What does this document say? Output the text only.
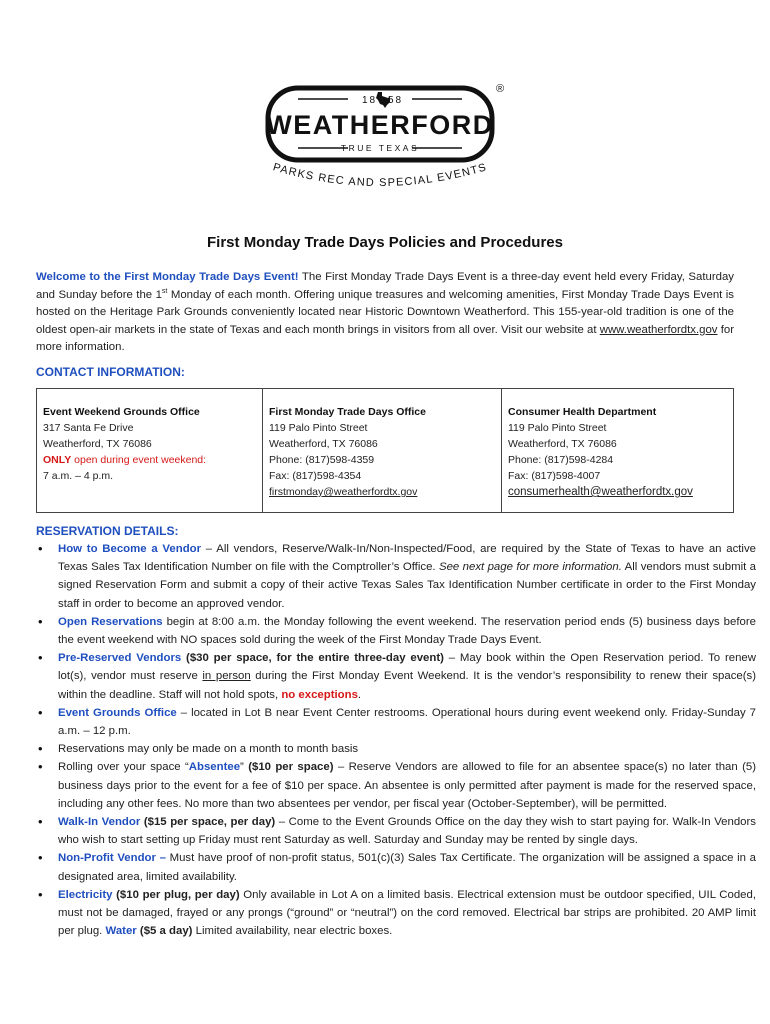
18 58
WEATHERFORD
TRUE TEXAS
®
PARKS REC AND SPECIAL EVENTS
First Monday Trade Days Policies and Procedures
Welcome to the First Monday Trade Days Event! The First Monday Trade Days Event is a three-day event held every Friday, Saturday and Sunday before the 1st Monday of each month. Offering unique treasures and welcoming amenities, First Monday Trade Days Event is hosted on the Heritage Park Grounds conveniently located near Historic Downtown Weatherford. This 155-year-old tradition is one of the oldest open-air markets in the state of Texas and each month brings in visitors from all over. Visit our website at www.weatherfordtx.gov for more information.
CONTACT INFORMATION:
Event Weekend Grounds Office
317 Santa Fe Drive
Weatherford, TX 76086
ONLY open during event weekend:
7 a.m. – 4 p.m.

First Monday Trade Days Office
119 Palo Pinto Street
Weatherford, TX 76086
Phone: (817)598-4359
Fax: (817)598-4354
firstmonday@weatherfordtx.gov

Consumer Health Department
119 Palo Pinto Street
Weatherford, TX 76086
Phone: (817)598-4284
Fax: (817)598-4007
consumerhealth@weatherfordtx.gov
RESERVATION DETAILS:
• How to Become a Vendor – All vendors, Reserve/Walk-In/Non-Inspected/Food, are required by the State of Texas to have an active Texas Sales Tax Identification Number on file with the Comptroller’s Office. See next page for more information. All vendors must submit a signed Reservation Form and submit a copy of their active Texas Sales Tax Identification Number certificate in order to the First Monday staff in order to become an approved vendor.
• Open Reservations begin at 8:00 a.m. the Monday following the event weekend. The reservation period ends (5) business days before the event weekend with NO spaces sold during the week of the First Monday Trade Days Event.
• Pre-Reserved Vendors ($30 per space, for the entire three-day event) – May book within the Open Reservation period. To renew lot(s), vendor must reserve in person during the First Monday Event Weekend. It is the vendor’s responsibility to renew their space(s) within the deadline. Staff will not hold spots, no exceptions.
• Event Grounds Office – located in Lot B near Event Center restrooms. Operational hours during event weekend only. Friday-Sunday 7 a.m. – 12 p.m.
• Reservations may only be made on a month to month basis
• Rolling over your space “Absentee” ($10 per space) – Reserve Vendors are allowed to file for an absentee space(s) no later than (5) business days prior to the event for a fee of $10 per space. An absentee is only permitted after payment is made for the reserved space, including any other fees. No more than two absentees per vendor, per fiscal year (October-September), will be permitted.
• Walk-In Vendor ($15 per space, per day) – Come to the Event Grounds Office on the day they wish to start paying for. Walk-In Vendors who wish to start setting up Friday must rent Saturday as well. Saturday and Sunday may be rented by single days.
• Non-Profit Vendor – Must have proof of non-profit status, 501(c)(3) Sales Tax Certificate. The organization will be assigned a space in a designated area, limited availability.
• Electricity ($10 per plug, per day) Only available in Lot A on a limited basis. Electrical extension must be outdoor specified, UIL Coded, must not be damaged, frayed or any prongs (“ground” or “neutral”) on the cord removed. Electrical bar strips are prohibited. 20 AMP limit per plug. Water ($5 a day) Limited availability, near electric boxes.
